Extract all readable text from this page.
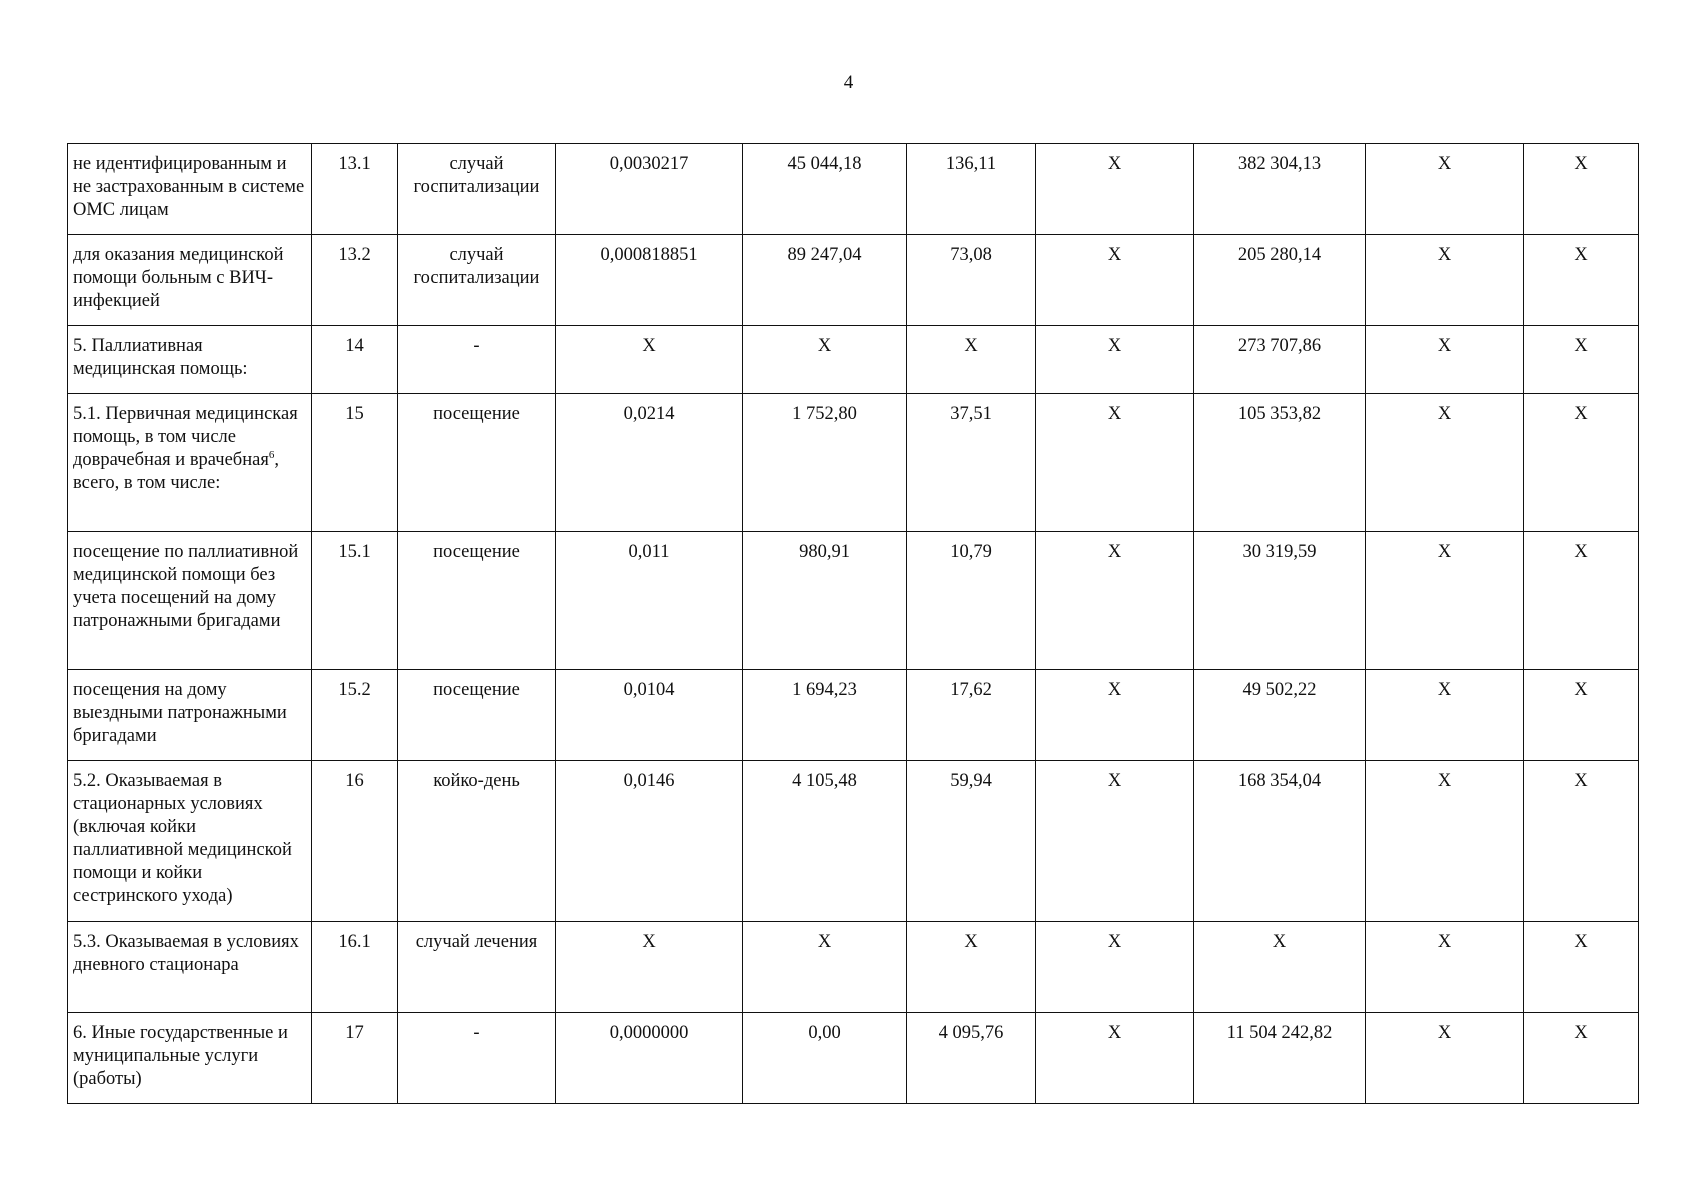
4
не идентифицированным и не застрахованным в системе ОМС лицам	13.1	случай госпитализации	0,0030217	45 044,18	136,11	X	382 304,13	X	X
для оказания медицинской помощи больным с ВИЧ-инфекцией	13.2	случай госпитализации	0,000818851	89 247,04	73,08	X	205 280,14	X	X
5. Паллиативная медицинская помощь:	14	-	X	X	X	X	273 707,86	X	X
5.1. Первичная медицинская помощь, в том числе доврачебная и врачебная$^6$, всего, в том числе:	15	посещение	0,0214	1 752,80	37,51	X	105 353,82	X	X
посещение по паллиативной медицинской помощи без учета посещений на дому патронажными бригадами	15.1	посещение	0,011	980,91	10,79	X	30 319,59	X	X
посещения на дому выездными патронажными бригадами	15.2	посещение	0,0104	1 694,23	17,62	X	49 502,22	X	X
5.2. Оказываемая в стационарных условиях (включая койки паллиативной медицинской помощи и койки сестринского ухода)	16	койко-день	0,0146	4 105,48	59,94	X	168 354,04	X	X
5.3. Оказываемая в условиях дневного стационара	16.1	случай лечения	X	X	X	X	X	X	X
6. Иные государственные и муниципальные услуги (работы)	17	-	0,0000000	0,00	4 095,76	X	11 504 242,82	X	X
